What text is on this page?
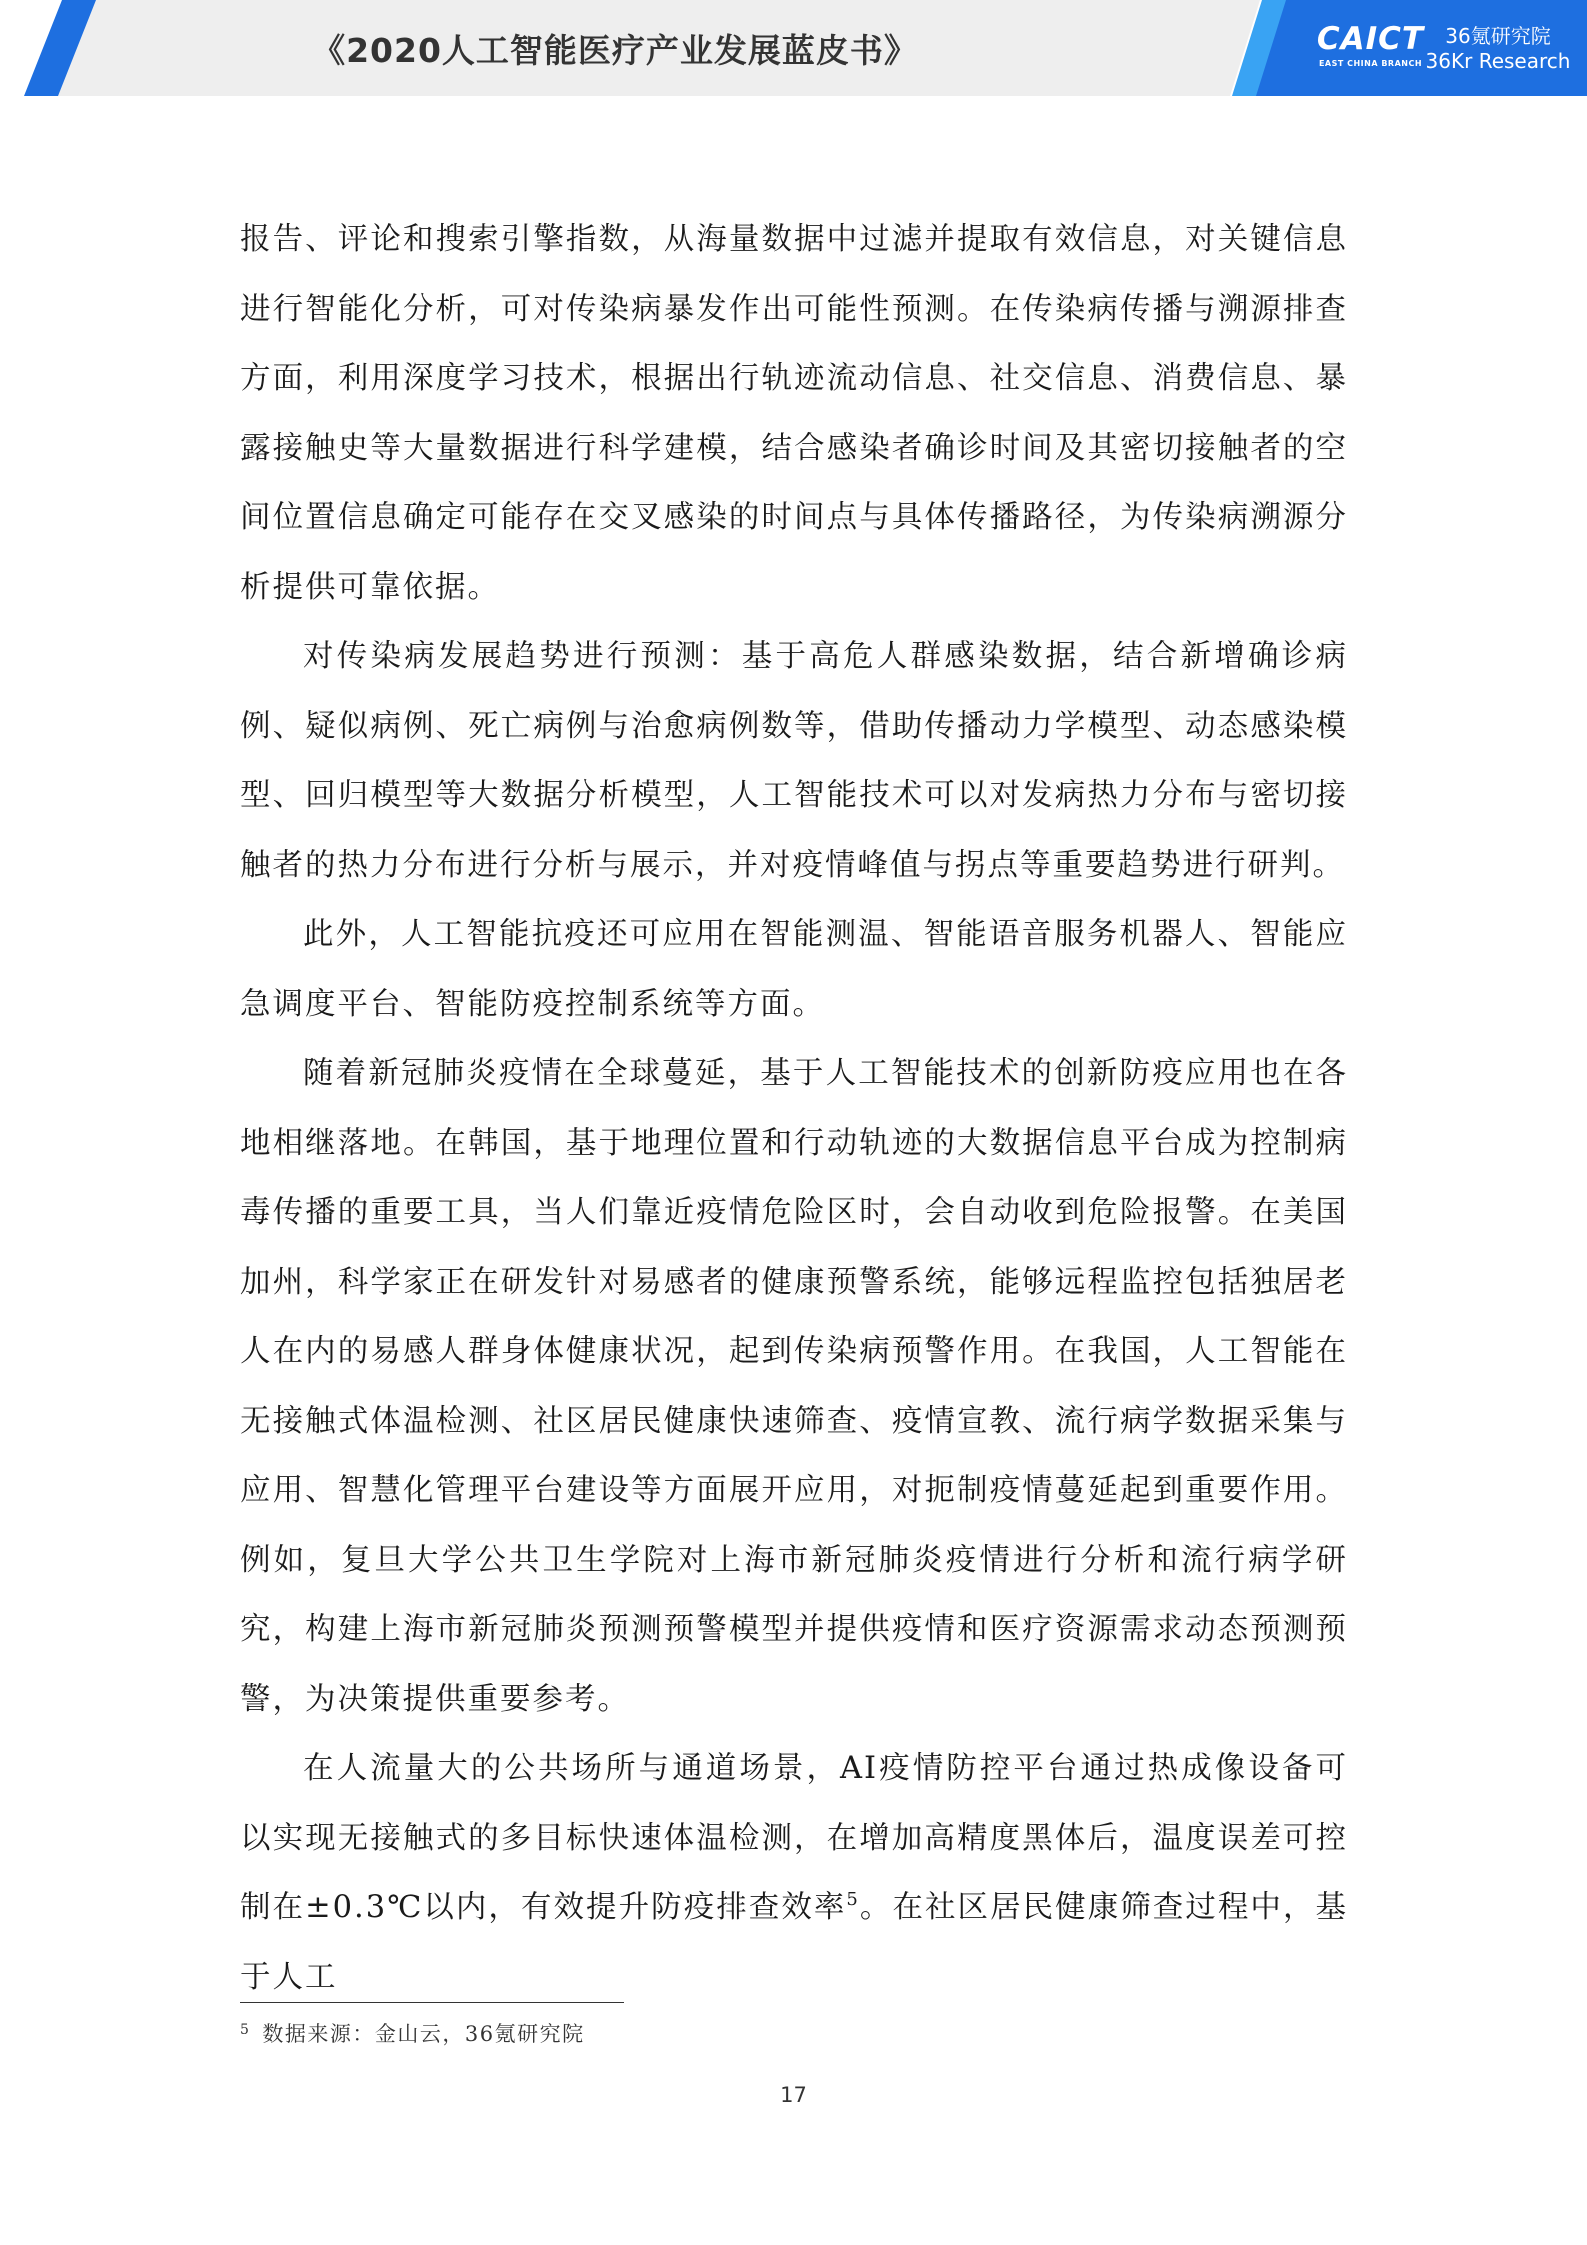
《2020人工智能医疗产业发展蓝皮书》	CAICT
EAST CHINA BRANCH
36氪研究院
36Kr Research

报告、评论和搜索引擎指数，从海量数据中过滤并提取有效信息，对关键信息进行智能化分析，可对传染病暴发作出可能性预测。在传染病传播与溯源排查方面，利用深度学习技术，根据出行轨迹流动信息、社交信息、消费信息、暴露接触史等大量数据进行科学建模，结合感染者确诊时间及其密切接触者的空间位置信息确定可能存在交叉感染的时间点与具体传播路径，为传染病溯源分析提供可靠依据。

对传染病发展趋势进行预测：基于高危人群感染数据，结合新增确诊病例、疑似病例、死亡病例与治愈病例数等，借助传播动力学模型、动态感染模型、回归模型等大数据分析模型，人工智能技术可以对发病热力分布与密切接触者的热力分布进行分析与展示，并对疫情峰值与拐点等重要趋势进行研判。

此外，人工智能抗疫还可应用在智能测温、智能语音服务机器人、智能应急调度平台、智能防疫控制系统等方面。

随着新冠肺炎疫情在全球蔓延，基于人工智能技术的创新防疫应用也在各地相继落地。在韩国，基于地理位置和行动轨迹的大数据信息平台成为控制病毒传播的重要工具，当人们靠近疫情危险区时，会自动收到危险报警。在美国加州，科学家正在研发针对易感者的健康预警系统，能够远程监控包括独居老人在内的易感人群身体健康状况，起到传染病预警作用。在我国，人工智能在无接触式体温检测、社区居民健康快速筛查、疫情宣教、流行病学数据采集与应用、智慧化管理平台建设等方面展开应用，对扼制疫情蔓延起到重要作用。例如，复旦大学公共卫生学院对上海市新冠肺炎疫情进行分析和流行病学研究，构建上海市新冠肺炎预测预警模型并提供疫情和医疗资源需求动态预测预警，为决策提供重要参考。

在人流量大的公共场所与通道场景，AI疫情防控平台通过热成像设备可以实现无接触式的多目标快速体温检测，在增加高精度黑体后，温度误差可控制在±0.3℃以内，有效提升防疫排查效率$^5$。在社区居民健康筛查过程中，基于人工

$^5$ 数据来源：金山云，36氪研究院
17
